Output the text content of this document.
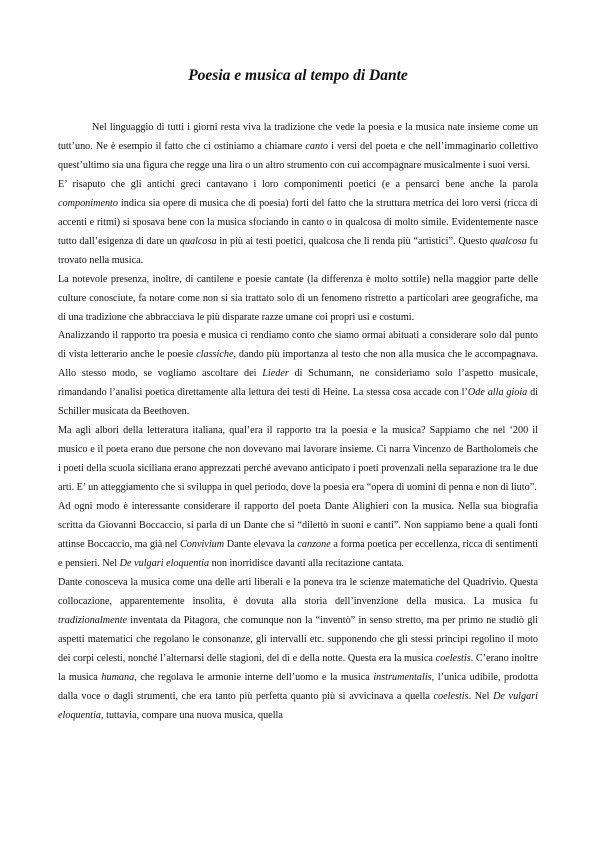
Poesia e musica al tempo di Dante

Nel linguaggio di tutti i giorni resta viva la tradizione che vede la poesia e la musica nate insieme come un tutt’uno. Ne è esempio il fatto che ci ostiniamo a chiamare canto i versi del poeta e che nell’immaginario collettivo quest’ultimo sia una figura che regge una lira o un altro strumento con cui accompagnare musicalmente i suoi versi.

E’ risaputo che gli antichi greci cantavano i loro componimenti poetici (e a pensarci bene anche la parola componimento indica sia opere di musica che di poesia) forti del fatto che la struttura metrica dei loro versi (ricca di accenti e ritmi) si sposava bene con la musica sfociando in canto o in qualcosa di molto simile. Evidentemente nasce tutto dall’esigenza di dare un qualcosa in più ai testi poetici, qualcosa che li renda più “artistici”. Questo qualcosa fu trovato nella musica.

La notevole presenza, inoltre, di cantilene e poesie cantate (la differenza è molto sottile) nella maggior parte delle culture conosciute, fa notare come non si sia trattato solo di un fenomeno ristretto a particolari aree geografiche, ma di una tradizione che abbracciava le più disparate razze umane coi propri usi e costumi.

Analizzando il rapporto tra poesia e musica ci rendiamo conto che siamo ormai abituati a considerare solo dal punto di vista letterario anche le poesie classiche, dando più importanza al testo che non alla musica che le accompagnava. Allo stesso modo, se vogliamo ascoltare dei Lieder di Schumann, ne consideriamo solo l’aspetto musicale, rimandando l’analisi poetica direttamente alla lettura dei testi di Heine. La stessa cosa accade con l’Ode alla gioia di Schiller musicata da Beethoven.

Ma agli albori della letteratura italiana, qual’era il rapporto tra la poesia e la musica? Sappiamo che nel ‘200 il musico e il poeta erano due persone che non dovevano mai lavorare insieme. Ci narra Vincenzo de Bartholomeis che i poeti della scuola siciliana erano apprezzati perché avevano anticipato i poeti provenzali nella separazione tra le due arti. E’ un atteggiamento che si sviluppa in quel periodo, dove la poesia era “opera di uomini di penna e non di liuto”.

Ad ogni modo è interessante considerare il rapporto del poeta Dante Alighieri con la musica. Nella sua biografia scritta da Giovanni Boccaccio, si parla di un Dante che si “dilettò in suoni e canti”. Non sappiamo bene a quali fonti attinse Boccaccio, ma già nel Convivium Dante elevava la canzone a forma poetica per eccellenza, ricca di sentimenti e pensieri. Nel De vulgari eloquentia non inorridisce davanti alla recitazione cantata.

Dante conosceva la musica come una delle arti liberali e la poneva tra le scienze matematiche del Quadrivio. Questa collocazione, apparentemente insolita, è dovuta alla storia dell’invenzione della musica. La musica fu tradizionalmente inventata da Pitagora, che comunque non la “inventò” in senso stretto, ma per primo ne studiò gli aspetti matematici che regolano le consonanze, gli intervalli etc. supponendo che gli stessi principi regolino il moto dei corpi celesti, nonché l’alternarsi delle stagioni, del dì e della notte. Questa era la musica coelestis. C’erano inoltre la musica humana, che regolava le armonie interne dell’uomo e la musica instrumentalis, l’unica udibile, prodotta dalla voce o dagli strumenti, che era tanto più perfetta quanto più si avvicinava a quella coelestis. Nel De vulgari eloquentia, tuttavia, compare una nuova musica, quella
